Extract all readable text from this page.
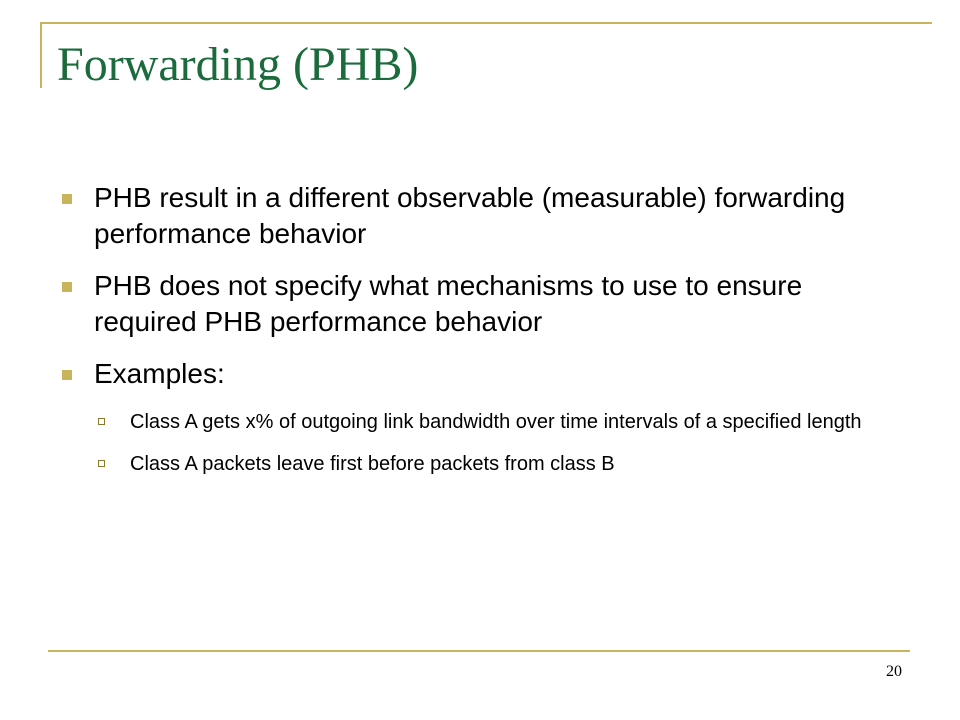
Forwarding (PHB)
PHB result in a different observable (measurable) forwarding performance behavior
PHB does not specify what mechanisms to use to ensure required PHB performance behavior
Examples:
Class A gets x% of outgoing link bandwidth over time intervals of a specified length
Class A packets leave first before packets from class B
20
